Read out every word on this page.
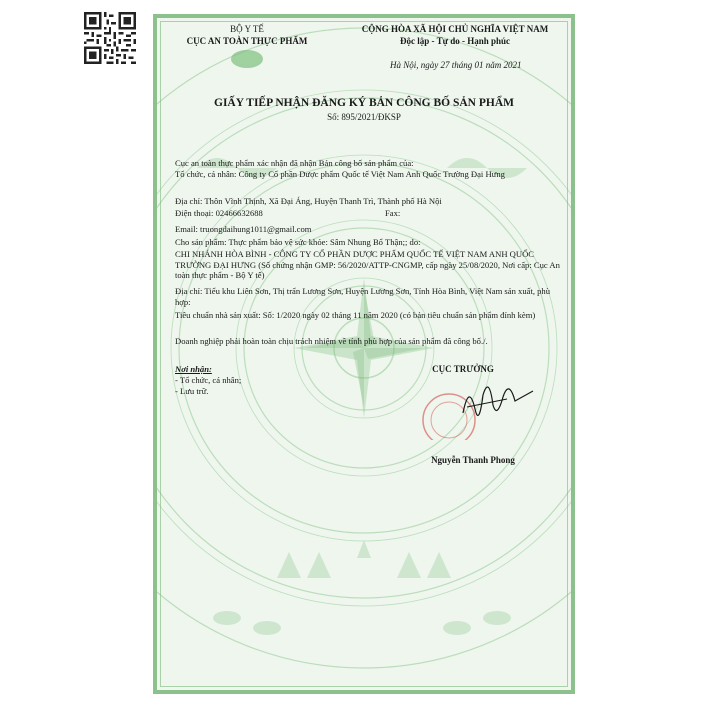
BỘ Y TẾ
CỤC AN TOÀN THỰC PHẨM
CỘNG HÒA XÃ HỘI CHỦ NGHĨA VIỆT NAM
Độc lập - Tự do - Hạnh phúc
Hà Nội, ngày 27 tháng 01 năm 2021
GIẤY TIẾP NHẬN ĐĂNG KÝ BẢN CÔNG BỐ SẢN PHẨM
Số: 895/2021/ĐKSP
Cục an toàn thực phẩm xác nhận đã nhận Bản công bố sản phẩm của:
Tổ chức, cá nhân: Công ty Cổ phần Dược phẩm Quốc tế Việt Nam Anh Quốc Trường Đại Hưng
Địa chỉ: Thôn Vĩnh Thịnh, Xã Đại Áng, Huyện Thanh Trì, Thành phố Hà Nội
Điện thoại: 02466632688	Fax:
Email: truongdaihung1011@gmail.com
Cho sản phẩm: Thực phẩm bảo vệ sức khỏe: Sâm Nhung Bổ Thận;; do:
CHI NHÁNH HÒA BÌNH - CÔNG TY CỔ PHẦN DƯỢC PHẨM QUỐC TẾ VIỆT NAM ANH QUỐC TRƯỜNG ĐẠI HƯNG (Số chứng nhận GMP: 56/2020/ATTP-CNGMP, cấp ngày 25/08/2020, Nơi cấp: Cục An toàn thực phẩm - Bộ Y tế)
Địa chỉ: Tiểu khu Liên Sơn, Thị trấn Lương Sơn, Huyện Lương Sơn, Tỉnh Hòa Bình, Việt Nam sản xuất, phù hợp:
Tiêu chuẩn nhà sản xuất: Số: 1/2020 ngày 02 tháng 11 năm 2020 (có bản tiêu chuẩn sản phẩm đính kèm)
Doanh nghiệp phải hoàn toàn chịu trách nhiệm về tính phù hợp của sản phẩm đã công bố./.
Nơi nhận:
- Tổ chức, cá nhân;
- Lưu trữ.
CỤC TRƯỞNG
Nguyễn Thanh Phong
